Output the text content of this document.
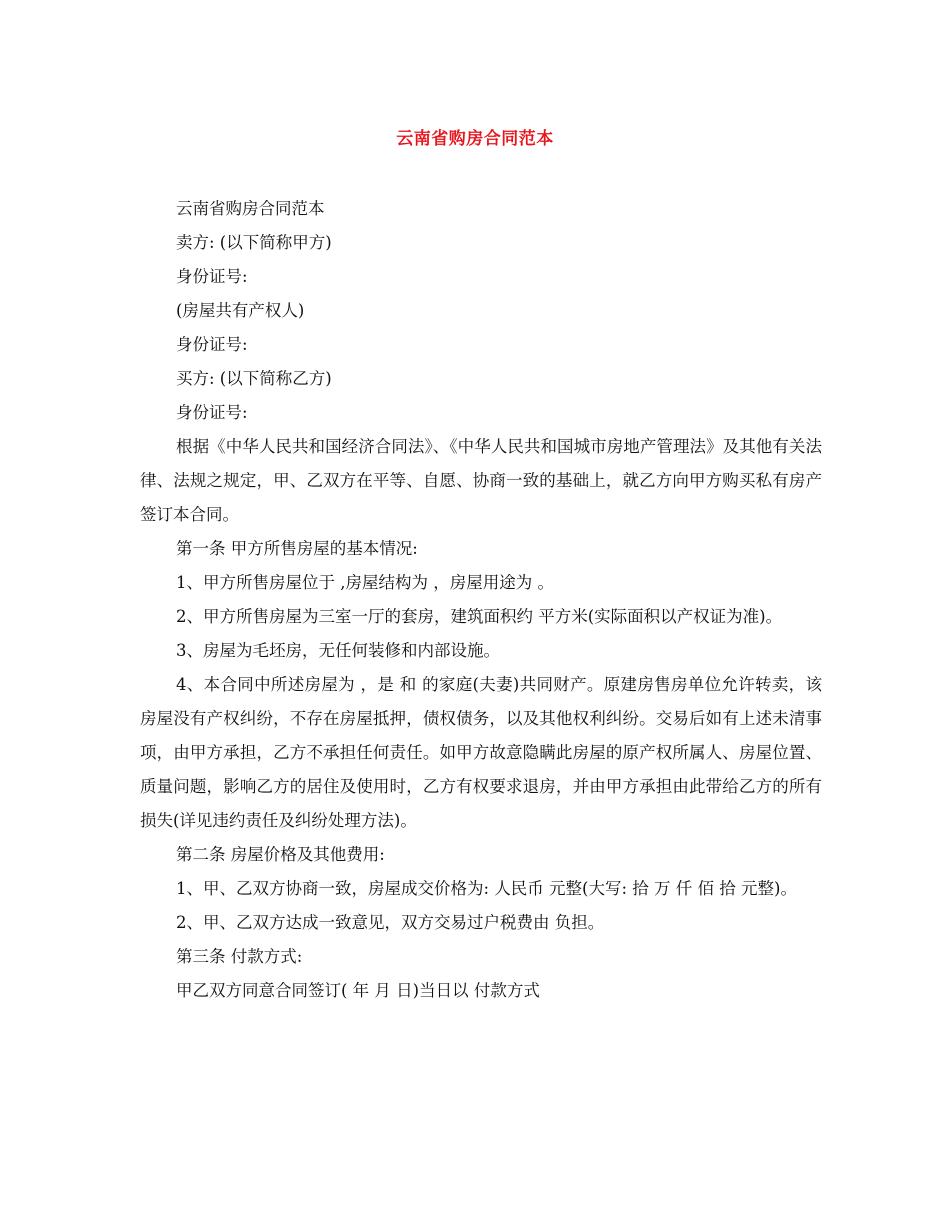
云南省购房合同范本

云南省购房合同范本

卖方: (以下简称甲方)

身份证号:

(房屋共有产权人)

身份证号:

买方: (以下简称乙方)

身份证号:

根据《中华人民共和国经济合同法》、《中华人民共和国城市房地产管理法》及其他有关法律、法规之规定，甲、乙双方在平等、自愿、协商一致的基础上，就乙方向甲方购买私有房产签订本合同。

第一条 甲方所售房屋的基本情况:

1、甲方所售房屋位于 ,房屋结构为 ，房屋用途为 。

2、甲方所售房屋为三室一厅的套房，建筑面积约 平方米(实际面积以产权证为准)。

3、房屋为毛坯房，无任何装修和内部设施。

4、本合同中所述房屋为 ，是 和 的家庭(夫妻)共同财产。原建房售房单位允许转卖，该房屋没有产权纠纷，不存在房屋抵押，债权债务，以及其他权利纠纷。交易后如有上述未清事项，由甲方承担，乙方不承担任何责任。如甲方故意隐瞒此房屋的原产权所属人、房屋位置、质量问题，影响乙方的居住及使用时，乙方有权要求退房，并由甲方承担由此带给乙方的所有损失(详见违约责任及纠纷处理方法)。

第二条 房屋价格及其他费用:

1、甲、乙双方协商一致，房屋成交价格为: 人民币 元整(大写: 拾 万 仟 佰 拾 元整)。

2、甲、乙双方达成一致意见，双方交易过户税费由 负担。

第三条 付款方式:

甲乙双方同意合同签订( 年 月 日)当日以 付款方式
